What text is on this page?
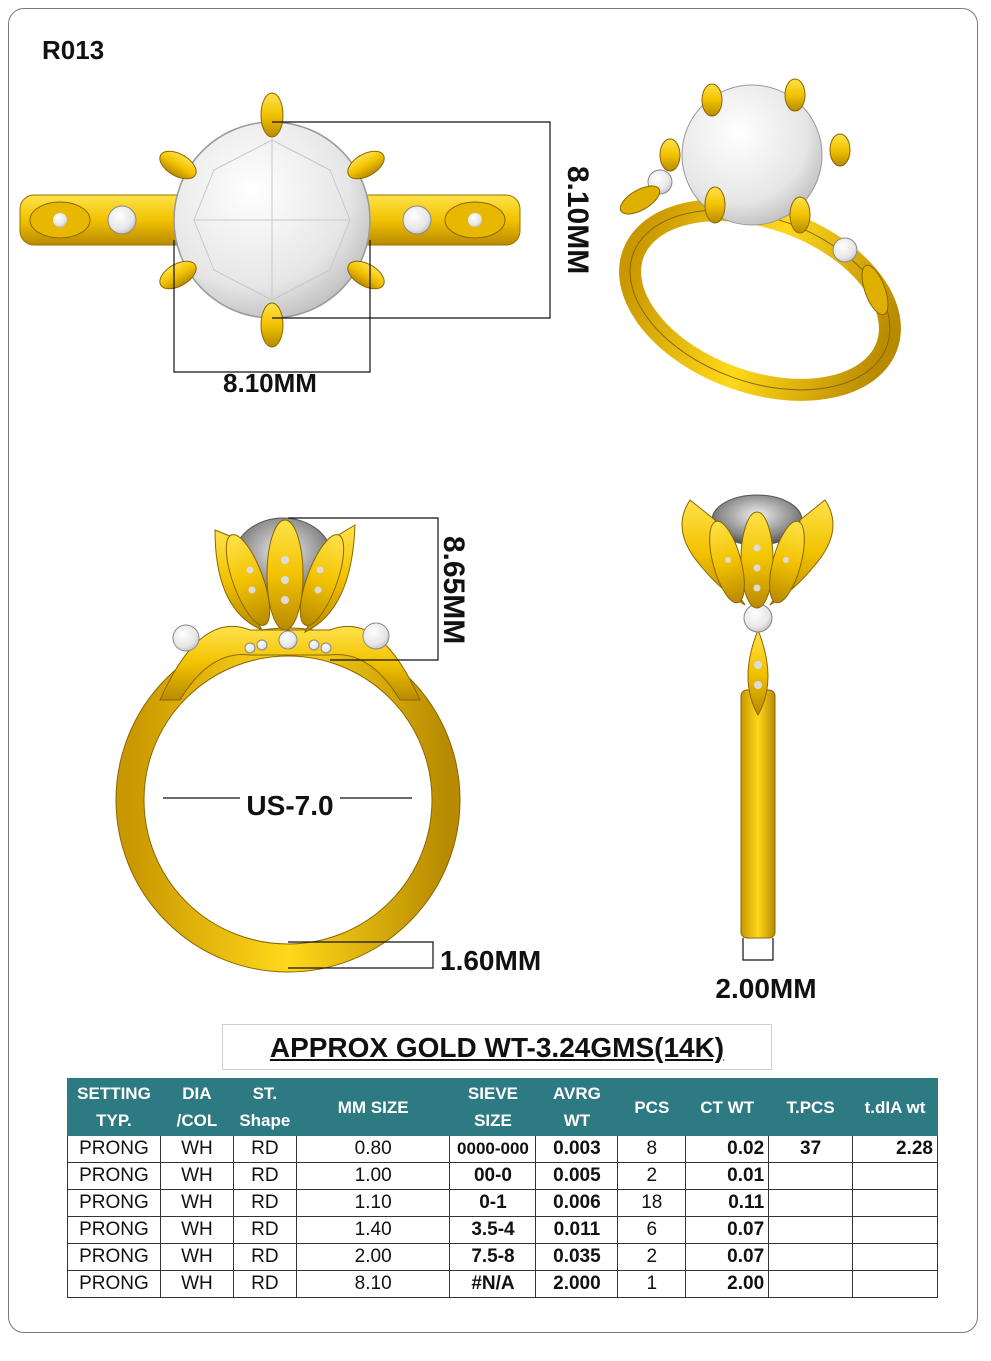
R013
8.10MM
8.10MM
8.65MM
US-7.0
1.60MM
2.00MM
APPROX GOLD WT-3.24GMS(14K)
SETTING TYP.	DIA /COL	ST. Shape	MM SIZE	SIEVE SIZE	AVRG WT	PCS	CT WT	T.PCS	t.dIA wt
PRONG	WH	RD	0.80	0000-000	0.003	8	0.02	37	2.28
PRONG	WH	RD	1.00	00-0	0.005	2	0.01		
PRONG	WH	RD	1.10	0-1	0.006	18	0.11		
PRONG	WH	RD	1.40	3.5-4	0.011	6	0.07		
PRONG	WH	RD	2.00	7.5-8	0.035	2	0.07		
PRONG	WH	RD	8.10	#N/A	2.000	1	2.00		
